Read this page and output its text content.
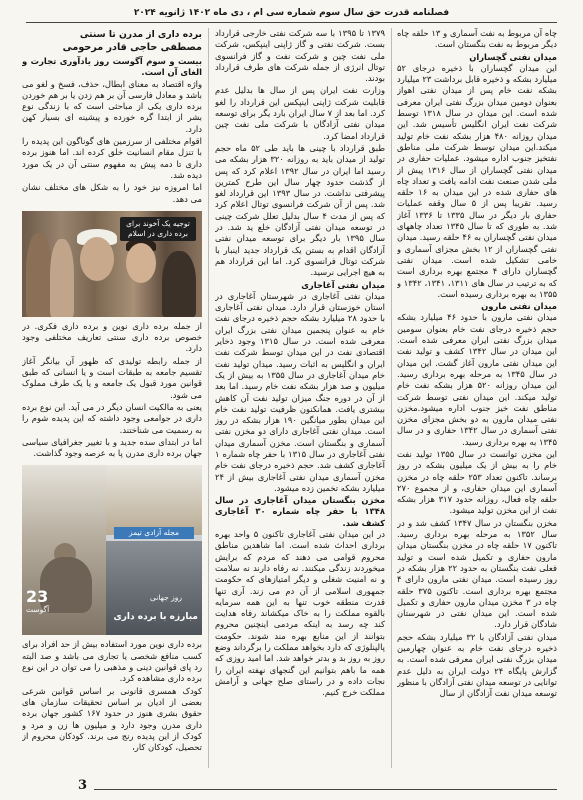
فصلنامه قدرت حق سال سوم شماره سی ام ، دی ماه ۱۴۰۲ ژانویه ۲۰۲۴

چاه آن مربوط به نفت آسماری و ۱۳ حلقه چاه دیگر مربوط به نفت بنگستان است.

میدان نفتی گچساران

این میدان گچساران با ذخیره درجای ۵۲ میلیارد بشکه و ذخیره قابل برداشت ۲۳ میلیارد بشکه نفت خام پس از میدان نفتی اهواز بعنوان دومین میدان بزرگ نفتی ایران معرفی شده است. این میدان در سال ۱۳۱۸ توسط شرکت نفت ایران انگلیس تأسیس شد. این میدان روزانه ۴۸۰ هزار بشکه نفت خام تولید میکند.این میدان توسط شرکت ملی مناطق نفتخیز جنوب اداره میشود. عملیات حفاری در میدان نفتی گچساران از سال ۱۳۱۶ پیش از ملی شدن صنعت نفت ادامه یافت و تعداد چاه های حفاری شده در این میدان به ۱۶ حلقه رسید. تقریبا پس از ۵ سال وقفه عملیات حفاری بار دیگر در سال ۱۳۳۵ تا ۱۳۳۶ آغاز شد. به طوری که تا سال ۱۳۴۵ تعداد چاههای میدان نفتی گچساران به ۴۶ حلقه رسید. میدان نفتی گچساران از ۱۲ بخش مجزای آسماری و خامی تشکیل شده است. میدان نفتی گچساران دارای ۴ مجتمع بهره برداری است که به ترتیب در سال های ۱۳۱۱، ۱۳۴۱، ۱۳۴۲ و ۱۳۵۵ به بهره برداری رسیده است.

میدان نفتی مارون

میدان نفتی مارون با حدود ۴۶ میلیارد بشکه حجم ذخیره درجای نفت خام بعنوان سومین میدان بزرگ نفتی ایران معرفی شده است. این میدان در سال ۱۳۴۲ کشف و تولید نفت این میدان نفتی مارون آغاز گشت. این میدان در سال ۱۳۴۵ به مرحله بهره برداری رسید. این میدان روزانه ۵۲۰ هزار بشکه نفت خام تولید میکند. این میدان نفتی توسط شرکت مناطق نفت خیز جنوب اداره میشود.مخزن نفتی میدان مارون به دو بخش مجزای مخزن نفتی آسماری در سال ۱۳۴۲ حفاری و در سال ۱۳۴۵ به بهره برداری رسید.

این مخزن توانست در سال ۱۳۵۵ تولید نفت خام را به بیش از یک میلیون بشکه در روز برساند. تاکنون تعداد ۲۵۳ حلقه چاه در مخزن آسماری این میدان حفاری، و از مجموع ۲۷۰ حلقه چاه فعال، روزانه حدود ۳۱۷ هزار بشکه نفت از این مخزن تولید میشود.

مخزن بنگستان در سال ۱۳۴۷ کشف شد و در سال ۱۳۵۲ به مرحله بهره برداری رسید. تاکنون ۱۷ حلقه چاه در مخزن بنگستان میدان مارون حفاری و تکمیل شده است و تولید فعلی نفت بنگستان به حدود ۲۲ هزار بشکه در روز رسیده است. میدان نفتی مارون دارای ۴ مجتمع بهره برداری است. تاکنون ۳۷۵ حلقه چاه در ۳ مخزن میدان مارون حفاری و تکمیل شده است. این میدان نفتی در شهرستان شادگان قرار دارد.

میدان نفتی آزادگان با ۳۲ میلیارد بشکه حجم ذخیره درجای نفت خام به عنوان چهارمین میدان بزرگ نفتی ایران معرفی شده است. به گزارش پایگاه ۲۴ دولت ایران به دلیل عدم توانایی در توسعه میدان نفتی آزادگان با منظور توسعه میدان نفت آزادگان از سال

۱۳۷۹ تا ۱۳۹۵ با سه شرکت نفتی خارجی قرارداد بست. شرکت نفتی و گاز ژاپنی اینپکس، شرکت ملی نفت چین و شرکت نفت و گاز فرانسوی توتال انرژی از جمله شرکت های طرف قرارداد بودند.

وزارت نفت ایران پس از سال ها بدلیل عدم قابلیت شرکت ژاپنی اینپکس این قرارداد را لغو کرد. اما بعد از ۷ سال ایران بارد یگر برای توسعه میدان نفتی آزادگان با شرکت ملی نفت چین قرارداد امضا کرد.

طبق قرارداد با چینی ها باید طی ۵۲ ماه حجم تولید از میدان باید به روزانه ۳۲۰ هزار بشکه می رسید اما ایران در سال ۱۳۹۲ اعلام کرد که پس از گذشت حدود چهار سال این طرح کمترین پیشرفتی نداشت. در سال ۱۳۹۳ این قرارداد لغو شد. پس از آن شرکت فرانسوی توتال اعلام کرد که پس از مدت ۴ سال بدلیل تعلل شرکت چینی در توسعه میدان نفتی آزادگان خلع ید شد. در سال ۱۳۹۵ بار دیگر برای توسعه میدان نفتی آزادگان اقدام به بستن یک قرارداد جدید اینبار با شرکت توتال فرانسوی کرد. اما این قرارداد هم به هیچ اجرایی نرسید.

میدان نفتی آغاجاری

میدان نفتی آغاجاری در شهرستان آغاجاری در استان خوزستان قرار دارد. میدان نفتی آغاجاری با حدود ۲۸ میلیارد بشکه حجم ذخیره درجای نفت خام به عنوان پنجمین میدان نفتی بزرگ ایران معرفی شده است. در سال ۱۳۱۵ وجود ذخایر اقتصادی نفت در این میدان توسط شرکت نفت ایران و انگلیس به اثبات رسید. میدان تولید نفت خام میدان آغاجاری در سال ۱۳۵۵ به بیش از یک میلیون و صد هزار بشکه نفت خام رسید. اما بعد از آن در دوره جنگ میزان تولید نفت آن کاهش بیشتری یافت. همانکنون ظرفیت تولید نفت خام این میدان بطور میانگین ۱۹۰ هزار بشکه در روز است. میدان نفتی آغاجاری دارای دو مخزن نفتی آسماری و بنگستان است. مخزن آسماری میدان نفتی آغاجاری در سال ۱۳۱۵ با حفر چاه شماره ۱ آغاجاری کشف شد. حجم ذخیره درجای نفت خام مخزن آسماری میدان نفتی آغاجاری بیش از ۲۴ میلیارد بشکه تخمین زده میشود.

مخزن بنگستان میدان آغاجاری در سال ۱۳۴۸ با حفر چاه شماره ۳۰ آغاجاری کشف شد.

در این میدان نفتی آغاجاری تاکنون ۵ واحد بهره برداری احداث شده است. اما شاهدین مناطق محروم قوامی می دهند که مردم که برایش میخوردند زندگی میکنند. نه رفاه دارند نه سلامت و نه امنیت شغلی و دیگر امتیازهای که حکومت جمهوری اسلامی از آن دم می زند. آری تنها قدرت منطقه خوب تنها به این همه سرمایه بالقوه مملکت را به خاک میکشاند رفاه هدایت کند چه رسد به اینکه مردمی اینچنین محروم بتوانند از این منابع بهره مند شوند. حکومت پالپنلوژی که دارد بخواهد مملکت را برگرداند وضع روز به روز بد و بدتر خواهد شد. اما امید روزی که همه ما باهم بتوانیم این گنجهای نهفته ایران را نجات داده و در راستای صلح جهانی و آرامش مملکت خرج کنیم.

برده داری از مدرن تا سنتی
مصطفی حاجی قادر مرحومی
بیست و سوم آگوست روز یادآوری تجارت و الغای آن است.

واژه اقتصاد به معنای ابطال، حذف، فسخ و لغو می باشد و معادل فارسی آن بر هم زدن یا بر هم خوردن برده داری یکی از مباحثی است که با زندگی نوع بشر از ابتدا گره خورده و پیشینه ای بسیار کهن دارد.

اقوام مختلفی از سرزمین های گوناگون این پدیده را با تنزل مقام انسانیت خلق کرده اند. اما هنوز برده داری تا دمه پیش به مفهوم سنتی آن در یک مورد دیده شد.

اما امروزه نیز خود را به شکل های مختلف نشان می دهد.

توجیه یک آخوند برای برده داری در اسلام

از جمله برده داری نوین و برده داری فکری. در خصوص برده داری سنتی تعاریف مختلفی وجود دارد.

از جمله رابطه تولیدی که ظهور آن بیانگر آغاز تقسیم جامعه به طبقات است و یا انسانی که طبق قوانین مورد قبول یک جامعه و یا یک طرف مملوک می شود.

یعنی به مالکیت انسان دیگر در می آید. این نوع برده داری در جوامعی وجود داشته که این پدیده شوم را به رسمیت می شناختند.

اما در ابتدای سده جدید و با تغییر جغرافیای سیاسی جهان برده داری مدرن پا به عرصه وجود گذاشت.

مجله آزادی تیمز
23
آگوست
روز جهانی
مبارزه با برده داری

برده داری نوین مورد استفاده بیش از حد افراد برای کسب منافع شخصی یا تجاری می باشد و صد البته رد پای قوانین دینی و مذهبی را می توان در این نوع برده داری مشاهده کرد.

کودک همسری قانونی بر اساس قوانین شرعی بعضی از ادیان بر اساس تحقیقات سازمان های حقوق بشری هنوز در حدود ۱۶۷ کشور جهان برده داری مدرن وجود دارد و میلیون ها زن و مرد و کودک از این پدیده رنج می برند. کودکان محروم از تحصیل، کودکان کار،

3
